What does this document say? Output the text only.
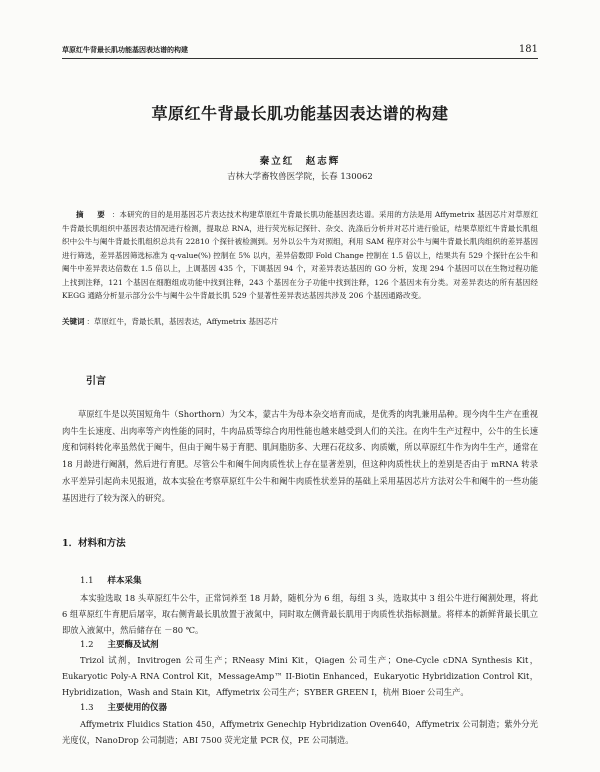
草原红牛背最长肌功能基因表达谱的构建	181
草原红牛背最长肌功能基因表达谱的构建
秦立红　赵志辉
吉林大学畜牧兽医学院，长春 130062
摘　要 ：本研究的目的是用基因芯片表达技术构建草原红牛背最长肌功能基因表达谱。采用的方法是用 Affymetrix 基因芯片对草原红牛背最长肌组织中基因表达情况进行检测，提取总 RNA，进行荧光标记探针、杂交、洗涤后分析并对芯片进行验证，结果草原红牛背最长肌组织中公牛与阉牛背最长肌组织总共有 22810 个探针被检测到。另外以公牛为对照组，利用 SAM 程序对公牛与阉牛背最长肌肉组织的差异基因进行筛选，差异基因筛选标准为 q-value(%) 控制在 5% 以内，差异倍数即 Fold Change 控制在 1.5 倍以上，结果共有 529 个探针在公牛和阉牛中差异表达倍数在 1.5 倍以上，上调基因 435 个，下调基因 94 个，对差异表达基因的 GO 分析，发现 294 个基因可以在生物过程功能上找到注释，121 个基因在细胞组成功能中找到注释，243 个基因在分子功能中找到注释，126 个基因未有分类。对差异表达的所有基因经 KEGG 通路分析显示部分公牛与阉牛公牛背最长肌 529 个显著性差异表达基因共涉及 206 个基因通路改变。
关键词 ：草原红牛，背最长肌，基因表达，Affymetrix 基因芯片
引言
草原红牛是以英国短角牛（Shorthorn）为父本，蒙古牛为母本杂交培育而成，是优秀的肉乳兼用品种。现今肉牛生产在重视肉牛生长速度、出肉率等产肉性能的同时，牛肉品质等综合肉用性能也越来越受到人们的关注。在肉牛生产过程中，公牛的生长速度和饲料转化率虽然优于阉牛，但由于阉牛易于育肥、肌间脂肪多、大理石花纹多、肉质嫩，所以草原红牛作为肉牛生产，通常在 18 月龄进行阉割，然后进行育肥。尽管公牛和阉牛间肉质性状上存在显著差别，但这种肉质性状上的差别是否由于 mRNA 转录水平差异引起尚未见报道，故本实验在考察草原红牛公牛和阉牛肉质性状差异的基础上采用基因芯片方法对公牛和阉牛的一些功能基因进行了较为深入的研究。
1．材料和方法
1.1 样本采集
本实验选取 18 头草原红牛公牛，正常饲养至 18 月龄，随机分为 6 组，每组 3 头，选取其中 3 组公牛进行阉割处理，将此 6 组草原红牛育肥后屠宰，取右侧背最长肌放置于液氮中，同时取左侧背最长肌用于肉质性状指标测量。将样本的新鲜背最长肌立即放入液氮中，然后储存在 －80 ℃。
1.2 主要酶及试剂
Trizol 试剂，Invitrogen 公司生产；RNeasy Mini Kit，Qiagen 公司生产；One-Cycle cDNA Synthesis Kit，Eukaryotic Poly-A RNA Control Kit，MessageAmp™ II-Biotin Enhanced，Eukaryotic Hybridization Control Kit，Hybridization，Wash and Stain Kit，Affymetrix 公司生产；SYBER GREEN I，杭州 Bioer 公司生产。
1.3 主要使用的仪器
Affymetrix Fluidics Station 450，Affymetrix Genechip Hybridization Oven640，Affymetrix 公司制造；紫外分光光度仪，NanoDrop 公司制造；ABI 7500 荧光定量 PCR 仪，PE 公司制造。
